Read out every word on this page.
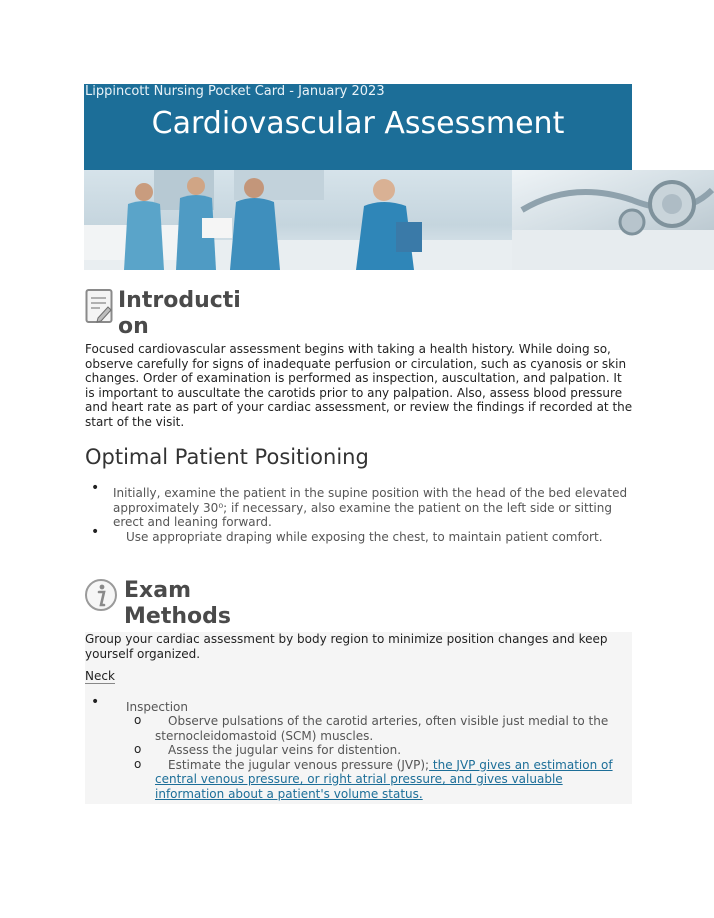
Lippincott Nursing Pocket Card - January 2023
Cardiovascular Assessment
Introducti
on

Focused cardiovascular assessment begins with taking a health history. While doing so, observe carefully for signs of inadequate perfusion or circulation, such as cyanosis or skin changes. Order of examination is performed as inspection, auscultation, and palpation. It is important to auscultate the carotids prior to any palpation. Also, assess blood pressure and heart rate as part of your cardiac assessment, or review the findings if recorded at the start of the visit.

Optimal Patient Positioning
•	Initially, examine the patient in the supine position with the head of the bed elevated approximately 30⁰; if necessary, also examine the patient on the left side or sitting erect and leaning forward.
•	Use appropriate draping while exposing the chest, to maintain patient comfort.
Exam
Methods

Group your cardiac assessment by body region to minimize position changes and keep yourself organized.

Neck
•	Inspection
o	Observe pulsations of the carotid arteries, often visible just medial to the sternocleidomastoid (SCM) muscles.
o	Assess the jugular veins for distention.
o	Estimate the jugular venous pressure (JVP); the JVP gives an estimation of central venous pressure, or right atrial pressure, and gives valuable information about a patient's volume status.
